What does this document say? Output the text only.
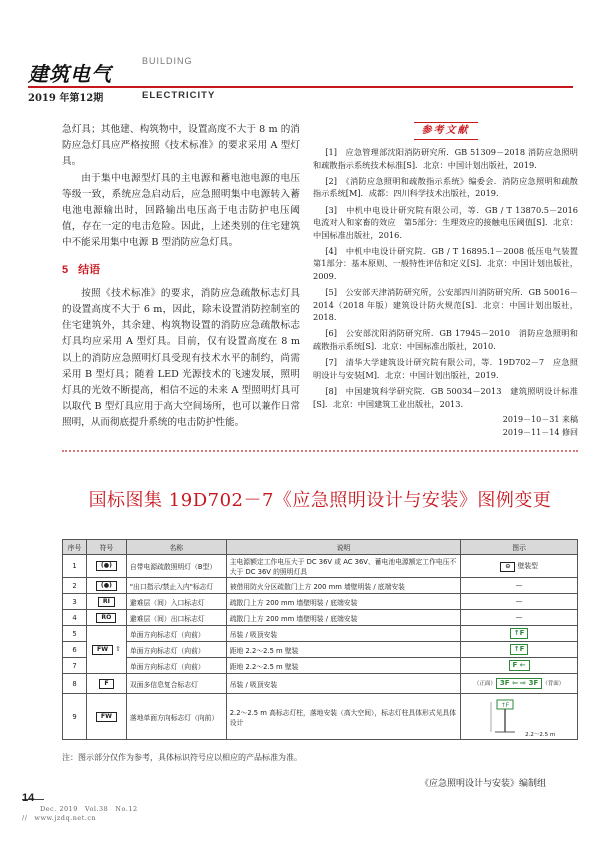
建筑电气
BUILDING
2019 年第12期	ELECTRICITY

急灯具；其他建、构筑物中，设置高度不大于 8 m 的消防应急灯具应严格按照《技术标准》的要求采用 A 型灯具。

由于集中电源型灯具的主电源和蓄电池电源的电压等级一致，系统应急启动后，应急照明集中电源转入蓄电池电源输出时，回路输出电压高于电击防护电压阈值，存在一定的电击危险。因此，上述类别的住宅建筑中不能采用集中电源 B 型消防应急灯具。

5 结语

按照《技术标准》的要求，消防应急疏散标志灯具的设置高度不大于 6 m，因此，除未设置消防控制室的住宅建筑外，其余建、构筑物设置的消防应急疏散标志灯具均应采用 A 型灯具。目前，仅有设置高度在 8 m 以上的消防应急照明灯具受现有技术水平的制约，尚需采用 B 型灯具；随着 LED 光源技术的飞速发展，照明灯具的光效不断提高，相信不远的未来 A 型照明灯具可以取代 B 型灯具应用于高大空间场所，也可以兼作日常照明，从而彻底提升系统的电击防护性能。

参考文献

[1]　应急管理部沈阳消防研究所．GB 51309－2018 消防应急照明和疏散指示系统技术标准[S]．北京：中国计划出版社，2019.

[2]　《消防应急照明和疏散指示系统》编委会．消防应急照明和疏散指示系统[M]．成都：四川科学技术出版社，2019.

[3]　中机中电设计研究院有限公司，等．GB / T 13870.5－2016　电流对人和家畜的效应　第5部分：生理效应的接触电压阈值[S]．北京：中国标准出版社，2016.

[4]　中机中电设计研究院．GB / T 16895.1－2008 低压电气装置　第1部分：基本原则、一般特性评估和定义[S]．北京：中国计划出版社，2009.

[5]　公安部天津消防研究所，公安部四川消防研究所．GB 50016－2014（2018 年版）建筑设计防火规范[S]．北京：中国计划出版社，2018.

[6]　公安部沈阳消防研究所．GB 17945－2010　消防应急照明和疏散指示系统[S]．北京：中国标准出版社，2010.

[7]　清华大学建筑设计研究院有限公司，等．19D702－7　应急照明设计与安装[M]．北京：中国计划出版社，2019.

[8]　中国建筑科学研究院．GB 50034－2013　建筑照明设计标准[S]．北京：中国建筑工业出版社，2013.

2019－10－31 来稿
2019－11－14 修回
国标图集 19D702－7《应急照明设计与安装》图例变更
序号	符号	名称	说明	图示
1	(●)	自带电源疏散照明灯（B型）	主电源额定工作电压大于 DC 36V 或 AC 36V、蓄电池电源额定工作电压不大于 DC 36V 的照明灯具	⊖ 壁装型
2	(●)	"出口指示/禁止入内"标志灯	被借用防火分区疏散门上方 200 mm 墙壁明装 / 底端安装	—
3	RI	避难层（间）入口标志灯	疏散门上方 200 mm 墙壁明装 / 底端安装	—
4	RO	避难层（间）出口标志灯	疏散门上方 200 mm 墙壁明装 / 底端安装	—
5	FW ⇧	单面方向标志灯（向前）	吊装 / 吸顶安装	↑F
6		单面方向标志灯（向前）	距地 2.2～2.5 m 壁装	↑F
7		单面方向标志灯（向前）	距地 2.2～2.5 m 壁装	F ←
8	F	双面多信息复合标志灯	吊装 / 吸顶安装	（正面） 3F ⇦ ⇨ 3F （背面）
9	FW	落地单面方向标志灯（向前）	2.2～2.5 m 高标志灯柱，落地安装（高大空间），标志灯柱具体形式见具体设计	↑F
2.2～2.5 m
注：图示部分仅作为参考，具体标识符号应以相应的产品标准为准。
《应急照明设计与安装》编制组
14
Dec. 2019　Vol.38　No.12
//　www.jzdq.net.cn
